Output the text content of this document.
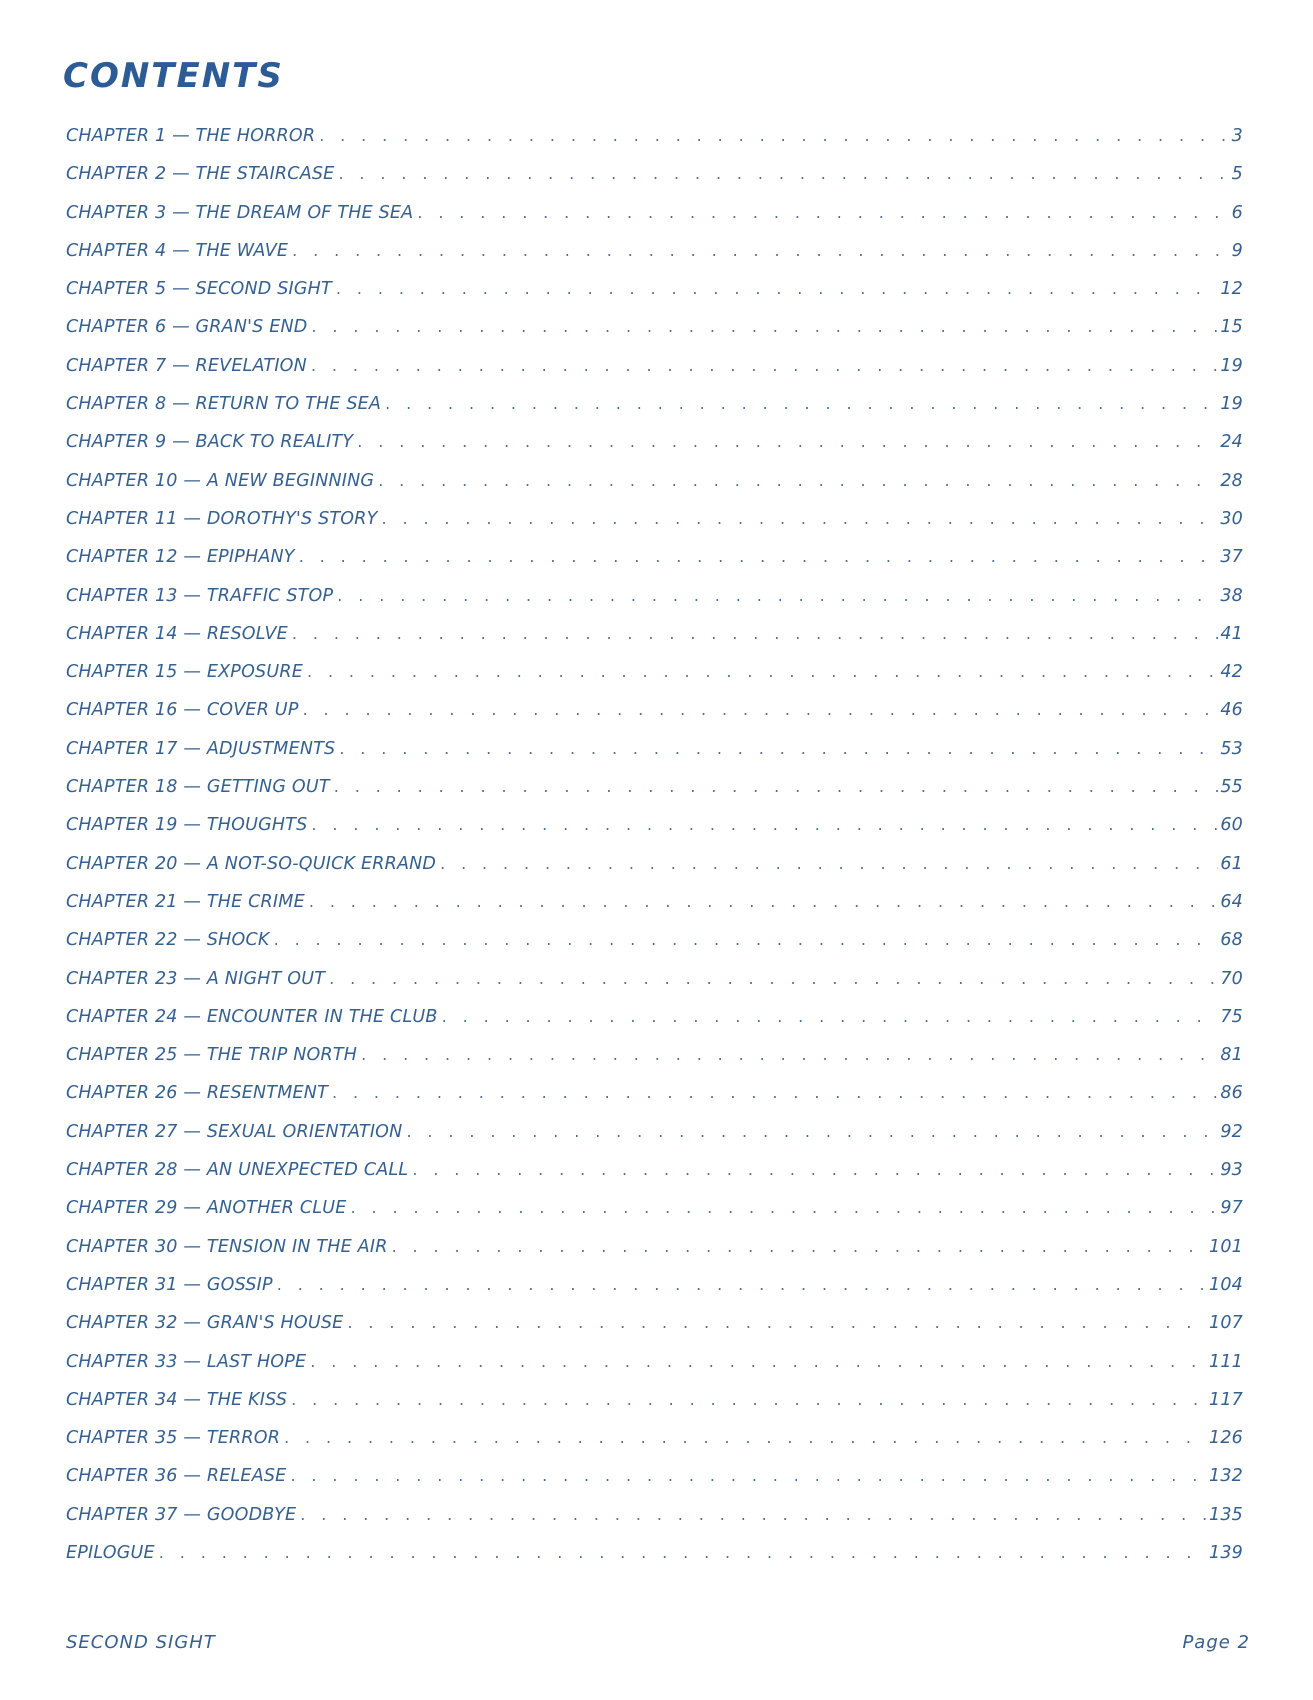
CONTENTS
CHAPTER 1 — THE HORROR . . .	3
CHAPTER 2 — THE STAIRCASE . . .	5
CHAPTER 3 — THE DREAM OF THE SEA . . .	6
CHAPTER 4 — THE WAVE . . .	9
CHAPTER 5 — SECOND SIGHT . . .	12
CHAPTER 6 — GRAN'S END . . .	15
CHAPTER 7 — REVELATION . . .	19
CHAPTER 8 — RETURN TO THE SEA . . .	19
CHAPTER 9 — BACK TO REALITY . . .	24
CHAPTER 10 — A NEW BEGINNING . . .	28
CHAPTER 11 — DOROTHY'S STORY . . .	30
CHAPTER 12 — EPIPHANY . . .	37
CHAPTER 13 — TRAFFIC STOP . . .	38
CHAPTER 14 — RESOLVE . . .	41
CHAPTER 15 — EXPOSURE . . .	42
CHAPTER 16 — COVER UP . . .	46
CHAPTER 17 — ADJUSTMENTS . . .	53
CHAPTER 18 — GETTING OUT . . .	55
CHAPTER 19 — THOUGHTS . . .	60
CHAPTER 20 — A NOT-SO-QUICK ERRAND . . .	61
CHAPTER 21 — THE CRIME . . .	64
CHAPTER 22 — SHOCK . . .	68
CHAPTER 23 — A NIGHT OUT . . .	70
CHAPTER 24 — ENCOUNTER IN THE CLUB . . .	75
CHAPTER 25 — THE TRIP NORTH . . .	81
CHAPTER 26 — RESENTMENT . . .	86
CHAPTER 27 — SEXUAL ORIENTATION . . .	92
CHAPTER 28 — AN UNEXPECTED CALL . . .	93
CHAPTER 29 — ANOTHER CLUE . . .	97
CHAPTER 30 — TENSION IN THE AIR . . .	101
CHAPTER 31 — GOSSIP . . .	104
CHAPTER 32 — GRAN'S HOUSE . . .	107
CHAPTER 33 — LAST HOPE . . .	111
CHAPTER 34 — THE KISS . . .	117
CHAPTER 35 — TERROR . . .	126
CHAPTER 36 — RELEASE . . .	132
CHAPTER 37 — GOODBYE . . .	135
EPILOGUE . . .	139
SECOND SIGHT	Page 2
